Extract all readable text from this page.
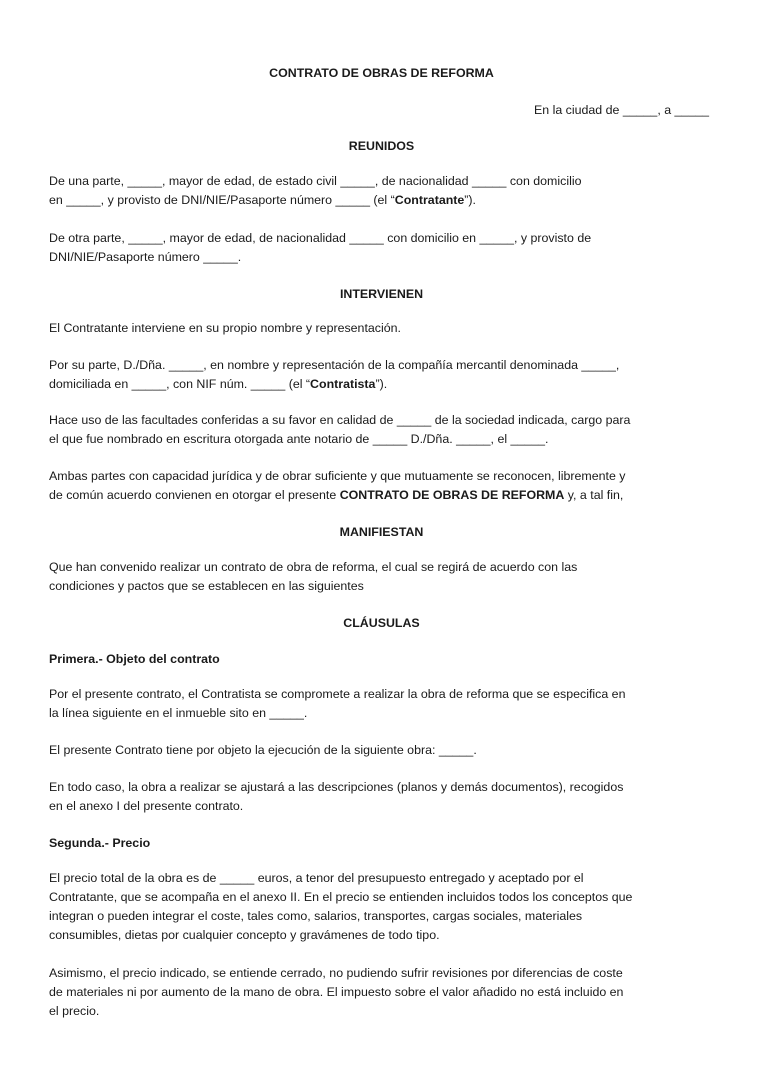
CONTRATO DE OBRAS DE REFORMA
En la ciudad de _____, a _____
REUNIDOS
De una parte, _____, mayor de edad, de estado civil _____, de nacionalidad _____ con domicilio
en _____, y provisto de DNI/NIE/Pasaporte número _____ (el “Contratante”).
De otra parte, _____, mayor de edad, de nacionalidad _____ con domicilio en _____, y provisto de
DNI/NIE/Pasaporte número _____.
INTERVIENEN
El Contratante interviene en su propio nombre y representación.
Por su parte, D./Dña. _____, en nombre y representación de la compañía mercantil denominada _____,
domiciliada en _____, con NIF núm. _____ (el “Contratista”).
Hace uso de las facultades conferidas a su favor en calidad de _____ de la sociedad indicada, cargo para
el que fue nombrado en escritura otorgada ante notario de _____ D./Dña. _____, el _____.
Ambas partes con capacidad jurídica y de obrar suficiente y que mutuamente se reconocen, libremente y
de común acuerdo convienen en otorgar el presente CONTRATO DE OBRAS DE REFORMA y, a tal fin,
MANIFIESTAN
Que han convenido realizar un contrato de obra de reforma, el cual se regirá de acuerdo con las
condiciones y pactos que se establecen en las siguientes
CLÁUSULAS
Primera.- Objeto del contrato
Por el presente contrato, el Contratista se compromete a realizar la obra de reforma que se especifica en
la línea siguiente en el inmueble sito en _____.
El presente Contrato tiene por objeto la ejecución de la siguiente obra: _____.
En todo caso, la obra a realizar se ajustará a las descripciones (planos y demás documentos), recogidos
en el anexo I del presente contrato.
Segunda.- Precio
El precio total de la obra es de _____ euros, a tenor del presupuesto entregado y aceptado por el
Contratante, que se acompaña en el anexo II. En el precio se entienden incluidos todos los conceptos que
integran o pueden integrar el coste, tales como, salarios, transportes, cargas sociales, materiales
consumibles, dietas por cualquier concepto y gravámenes de todo tipo.
Asimismo, el precio indicado, se entiende cerrado, no pudiendo sufrir revisiones por diferencias de coste
de materiales ni por aumento de la mano de obra. El impuesto sobre el valor añadido no está incluido en
el precio.
